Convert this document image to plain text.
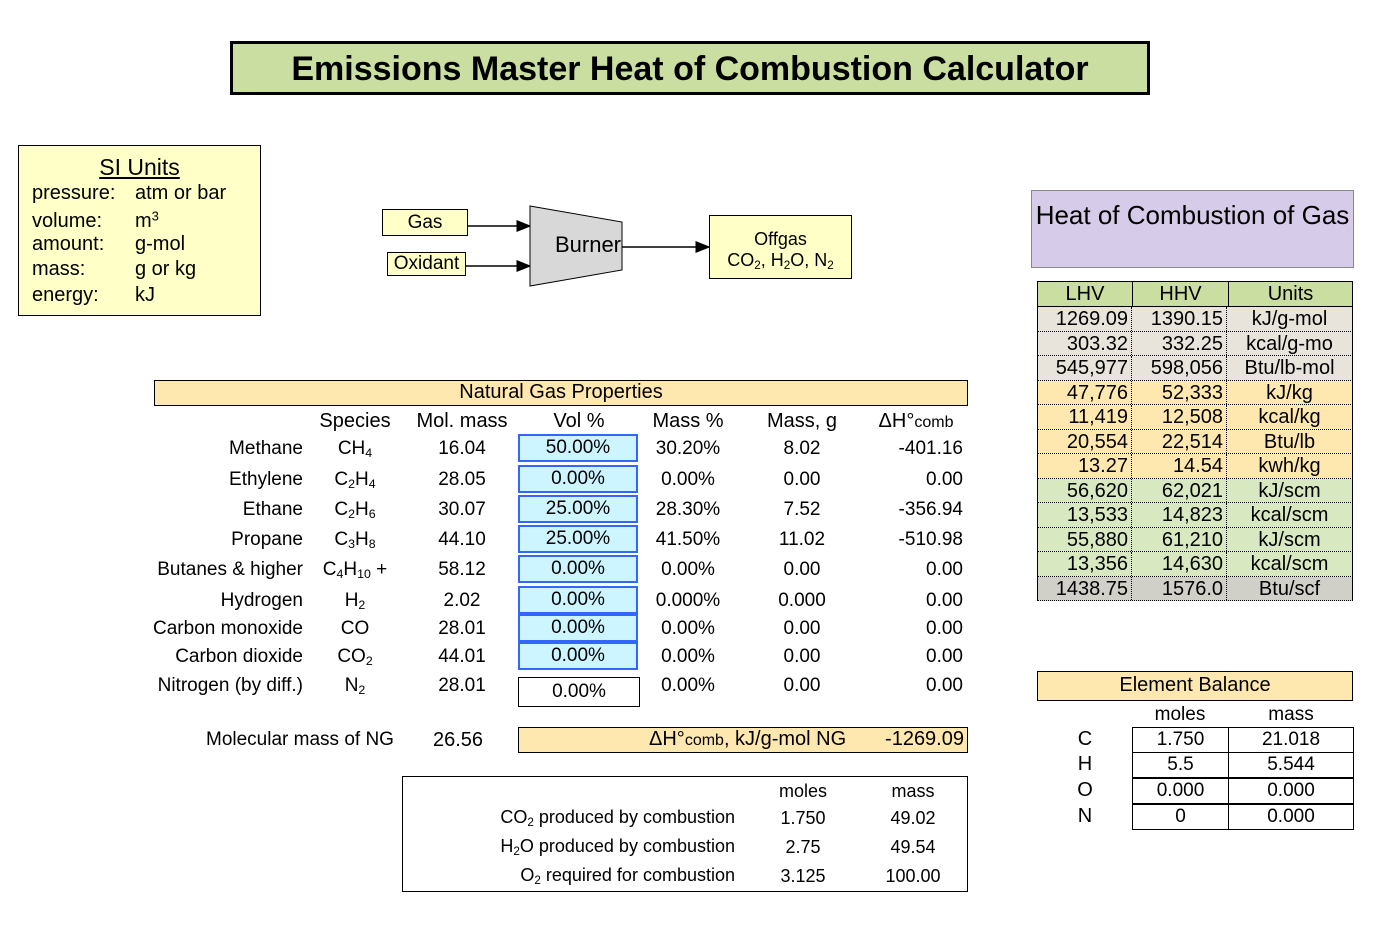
Emissions Master Heat of Combustion Calculator
SI Units
pressure: atm or bar
volume: $m^3$
amount: g-mol
mass: g or kg
energy: kJ
Gas
Oxidant
Burner	Offgas
$CO_2$, $H_2O$, $N_2$
Heat of Combustion of Gas
LHV	HHV	Units
1269.09	1390.15	kJ/g-mol
303.32	332.25	kcal/g-mo
545,977	598,056	Btu/lb-mol
47,776	52,333	kJ/kg
11,419	12,508	kcal/kg
20,554	22,514	Btu/lb
13.27	14.54	kwh/kg
56,620	62,021	kJ/scm
13,533	14,823	kcal/scm
55,880	61,210	kJ/scm
13,356	14,630	kcal/scm
1438.75	1576.0	Btu/scf
Natural Gas Properties
Species	Mol. mass	Vol %	Mass %	Mass, g	ΔH°comb
Methane	$CH_4$	16.04	50.00%	30.20%	8.02	-401.16
Ethylene	$C_2H_4$	28.05	0.00%	0.00%	0.00	0.00
Ethane	$C_2H_6$	30.07	25.00%	28.30%	7.52	-356.94
Propane	$C_3H_8$	44.10	25.00%	41.50%	11.02	-510.98
Butanes & higher	$C_4H_{10}$ +	58.12	0.00%	0.00%	0.00	0.00
Hydrogen	$H_2$	2.02	0.00%	0.000%	0.000	0.00
Carbon monoxide	CO	28.01	0.00%	0.00%	0.00	0.00
Carbon dioxide	$CO_2$	44.01	0.00%	0.00%	0.00	0.00
Nitrogen (by diff.)	$N_2$	28.01	0.00%	0.00%	0.00	0.00
Molecular mass of NG 26.56	ΔH°comb, kJ/g-mol NG -1269.09
moles	mass
$CO_2$ produced by combustion	1.750	49.02
$H_2O$ produced by combustion	2.75	49.54
$O_2$ required for combustion	3.125	100.00
Element Balance
moles	mass
C	1.750	21.018
H	5.5	5.544
O	0.000	0.000
N	0	0.000
